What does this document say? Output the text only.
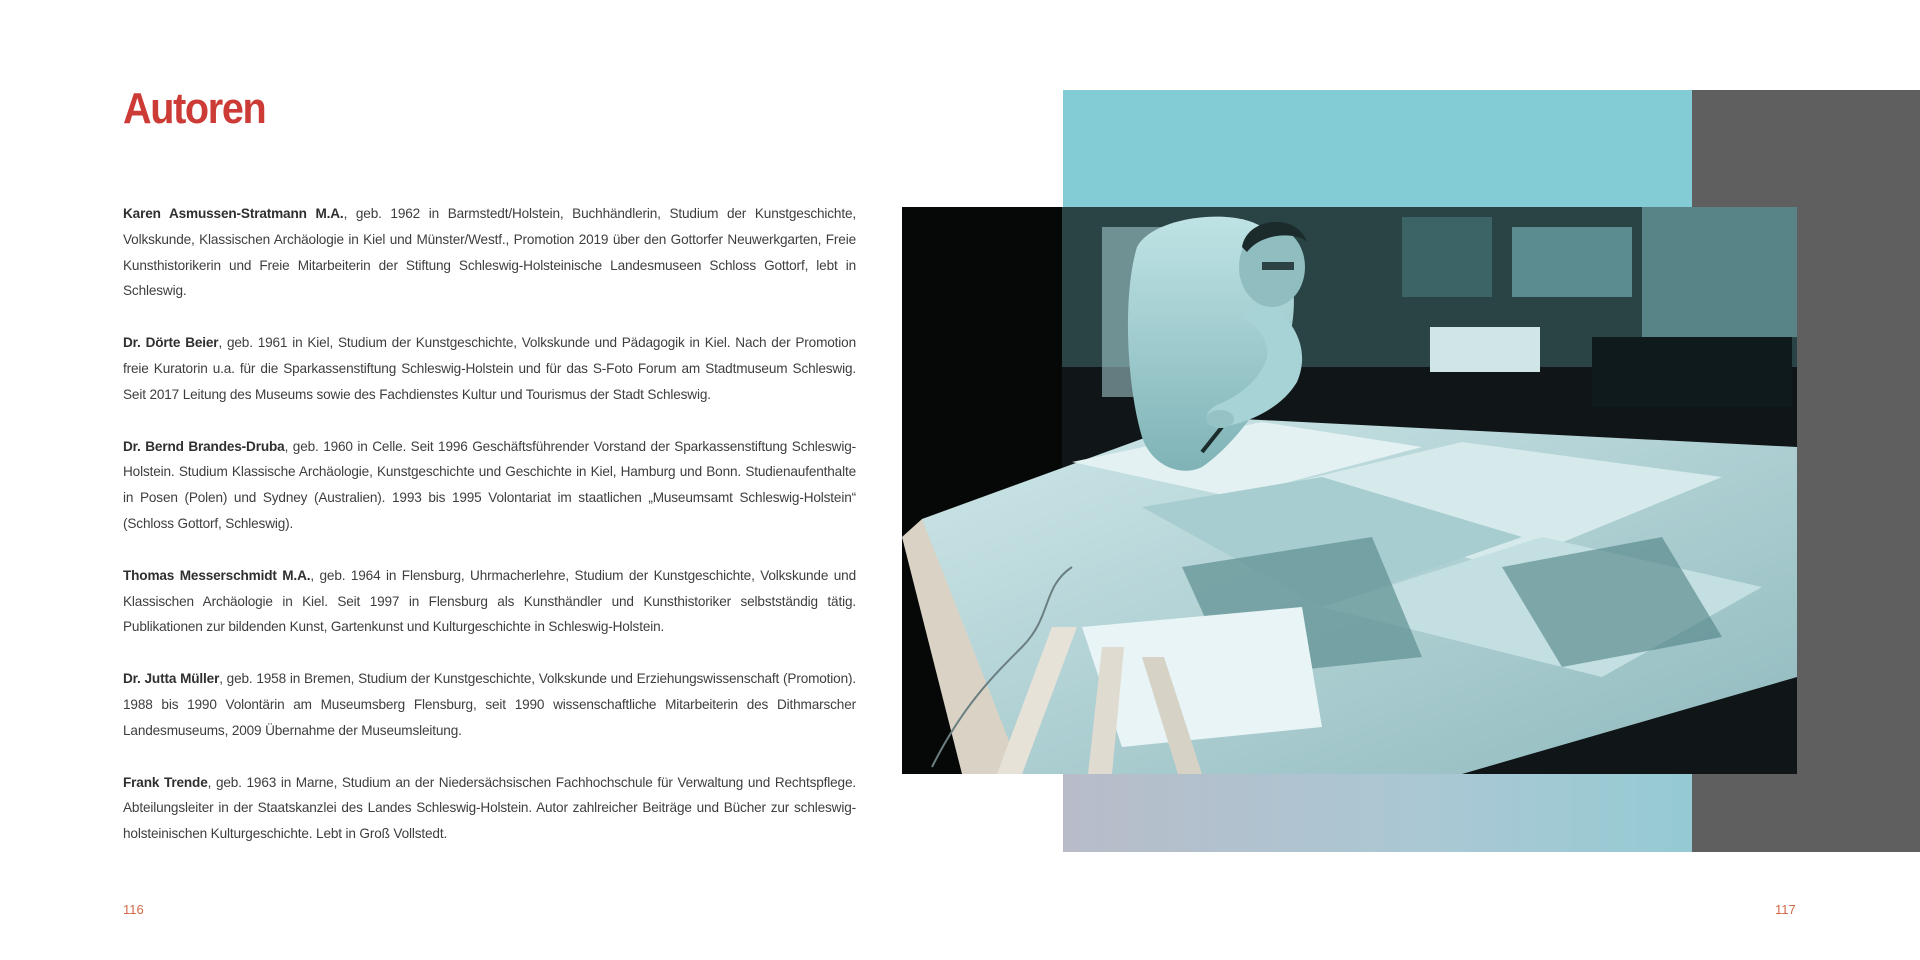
Autoren

Karen Asmussen-Stratmann M.A., geb. 1962 in Barmstedt/Holstein, Buchhändlerin, Studium der Kunstgeschichte, Volkskunde, Klassischen Archäologie in Kiel und Münster/Westf., Promotion 2019 über den Gottorfer Neuwerkgarten, Freie Kunsthistorikerin und Freie Mitarbeiterin der Stiftung Schleswig-Holsteinische Landesmuseen Schloss Gottorf, lebt in Schleswig.

Dr. Dörte Beier, geb. 1961 in Kiel, Studium der Kunstgeschichte, Volkskunde und Pädagogik in Kiel. Nach der Promotion freie Kuratorin u.a. für die Sparkassenstiftung Schleswig-Holstein und für das S-Foto Forum am Stadtmuseum Schleswig. Seit 2017 Leitung des Museums sowie des Fachdienstes Kultur und Tourismus der Stadt Schleswig.

Dr. Bernd Brandes-Druba, geb. 1960 in Celle. Seit 1996 Geschäftsführender Vorstand der Sparkassenstiftung Schleswig-Holstein. Studium Klassische Archäologie, Kunstgeschichte und Geschichte in Kiel, Hamburg und Bonn. Studienaufenthalte in Posen (Polen) und Sydney (Australien). 1993 bis 1995 Volontariat im staatlichen „Museumsamt Schleswig-Holstein“ (Schloss Gottorf, Schleswig).

Thomas Messerschmidt M.A., geb. 1964 in Flensburg, Uhrmacherlehre, Studium der Kunstgeschichte, Volkskunde und Klassischen Archäologie in Kiel. Seit 1997 in Flensburg als Kunsthändler und Kunsthistoriker selbstständig tätig. Publikationen zur bildenden Kunst, Gartenkunst und Kulturgeschichte in Schleswig-Holstein.

Dr. Jutta Müller, geb. 1958 in Bremen, Studium der Kunstgeschichte, Volkskunde und Erziehungswissenschaft (Promotion). 1988 bis 1990 Volontärin am Museumsberg Flensburg, seit 1990 wissenschaftliche Mitarbeiterin des Dithmarscher Landesmuseums, 2009 Übernahme der Museumsleitung.

Frank Trende, geb. 1963 in Marne, Studium an der Niedersächsischen Fachhochschule für Verwaltung und Rechtspflege. Abteilungsleiter in der Staatskanzlei des Landes Schleswig-Holstein. Autor zahlreicher Beiträge und Bücher zur schleswig-holsteinischen Kulturgeschichte. Lebt in Groß Vollstedt.

116	117
